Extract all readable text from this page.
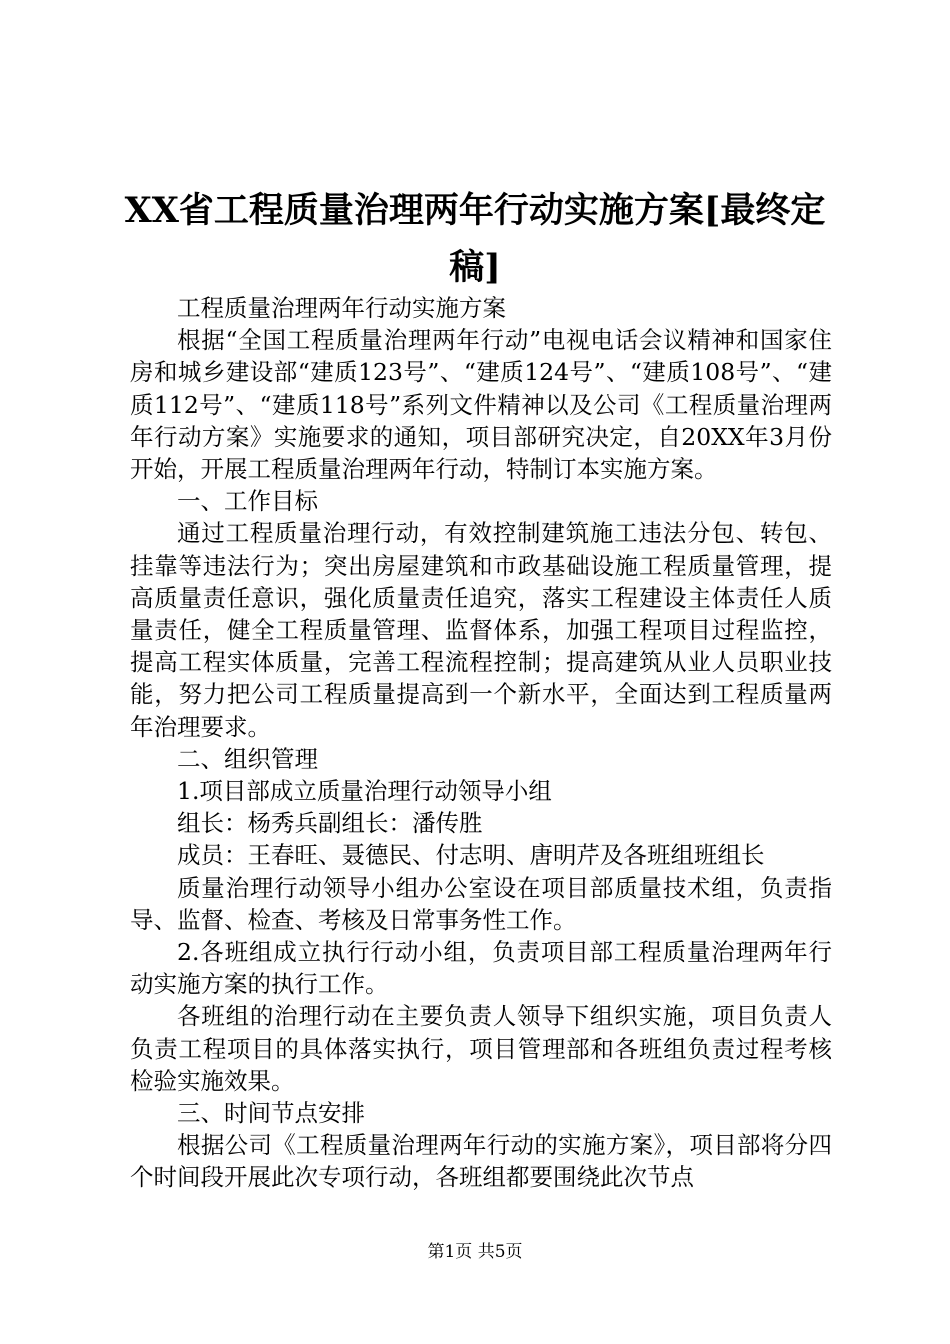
XX省工程质量治理两年行动实施方案[最终定稿]

工程质量治理两年行动实施方案

根据“全国工程质量治理两年行动”电视电话会议精神和国家住房和城乡建设部“建质123号”、“建质124号”、“建质108号”、“建质112号”、“建质118号”系列文件精神以及公司《工程质量治理两年行动方案》实施要求的通知，项目部研究决定，自20XX年3月份开始，开展工程质量治理两年行动，特制订本实施方案。

一、工作目标

通过工程质量治理行动，有效控制建筑施工违法分包、转包、挂靠等违法行为；突出房屋建筑和市政基础设施工程质量管理，提高质量责任意识，强化质量责任追究，落实工程建设主体责任人质量责任，健全工程质量管理、监督体系，加强工程项目过程监控，提高工程实体质量，完善工程流程控制；提高建筑从业人员职业技能，努力把公司工程质量提高到一个新水平，全面达到工程质量两年治理要求。

二、组织管理

1.项目部成立质量治理行动领导小组

组长：杨秀兵副组长：潘传胜

成员：王春旺、聂德民、付志明、唐明芹及各班组班组长

质量治理行动领导小组办公室设在项目部质量技术组，负责指导、监督、检查、考核及日常事务性工作。

2.各班组成立执行行动小组，负责项目部工程质量治理两年行动实施方案的执行工作。

各班组的治理行动在主要负责人领导下组织实施，项目负责人负责工程项目的具体落实执行，项目管理部和各班组负责过程考核检验实施效果。

三、时间节点安排

根据公司《工程质量治理两年行动的实施方案》，项目部将分四个时间段开展此次专项行动，各班组都要围绕此次节点

第1页 共5页
